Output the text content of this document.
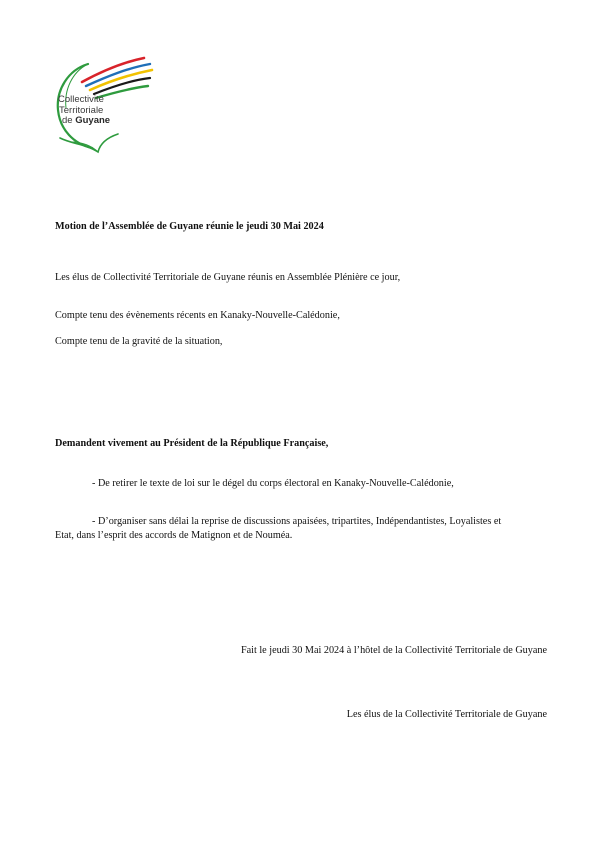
Collectivité
Territoriale
de Guyane
Motion de l’Assemblée de Guyane réunie le jeudi 30 Mai 2024
Les élus de Collectivité Territoriale de Guyane réunis en Assemblée Plénière ce jour,
Compte tenu des évènements récents en Kanaky-Nouvelle-Calédonie,
Compte tenu de la gravité de la situation,
Demandent vivement au Président de la République Française,
- De retirer le texte de loi sur le dégel du corps électoral en Kanaky-Nouvelle-Calédonie,
- D’organiser sans délai la reprise de discussions apaisées, tripartites, Indépendantistes, Loyalistes et
Etat, dans l’esprit des accords de Matignon et de Nouméa.
Fait le jeudi 30 Mai 2024 à l’hôtel de la Collectivité Territoriale de Guyane
Les élus de la Collectivité Territoriale de Guyane
